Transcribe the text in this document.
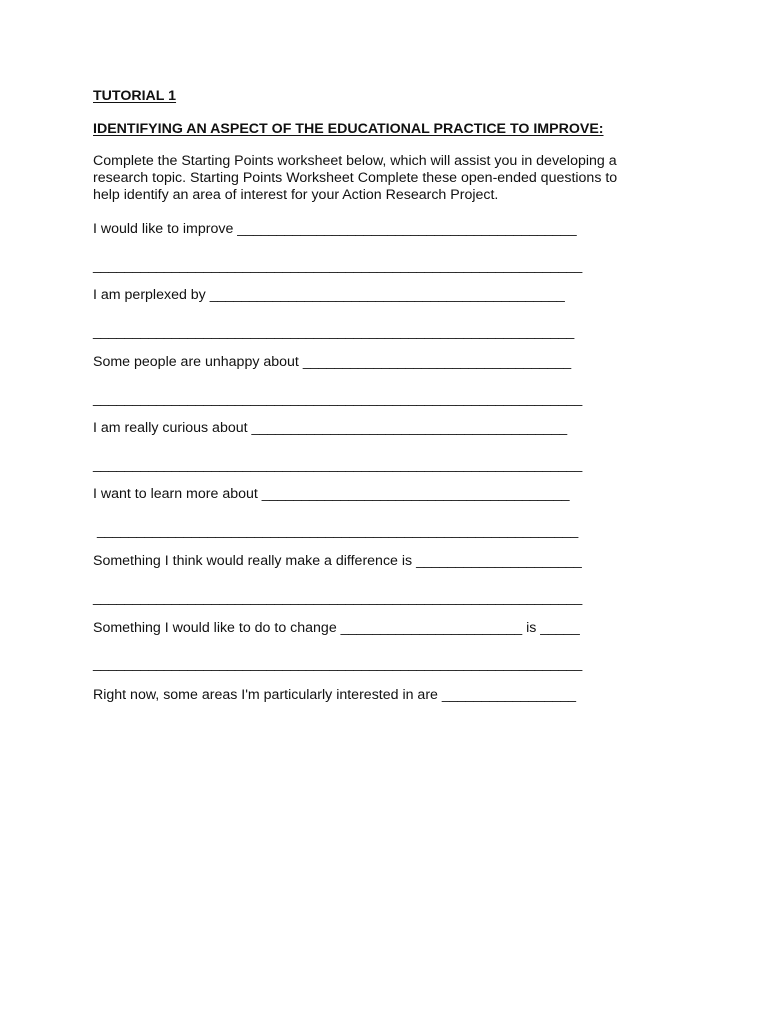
TUTORIAL 1
IDENTIFYING AN ASPECT OF THE EDUCATIONAL PRACTICE TO IMPROVE:
Complete the Starting Points worksheet below, which will assist you in developing a
research topic. Starting Points Worksheet Complete these open-ended questions to
help identify an area of interest for your Action Research Project.
I would like to improve ___________________________________________
______________________________________________________________
I am perplexed by _____________________________________________
_____________________________________________________________
Some people are unhappy about __________________________________
______________________________________________________________
I am really curious about ________________________________________
______________________________________________________________
I want to learn more about _______________________________________
_____________________________________________________________
Something I think would really make a difference is _____________________
______________________________________________________________
Something I would like to do to change _______________________ is _____
______________________________________________________________
Right now, some areas I'm particularly interested in are _________________
